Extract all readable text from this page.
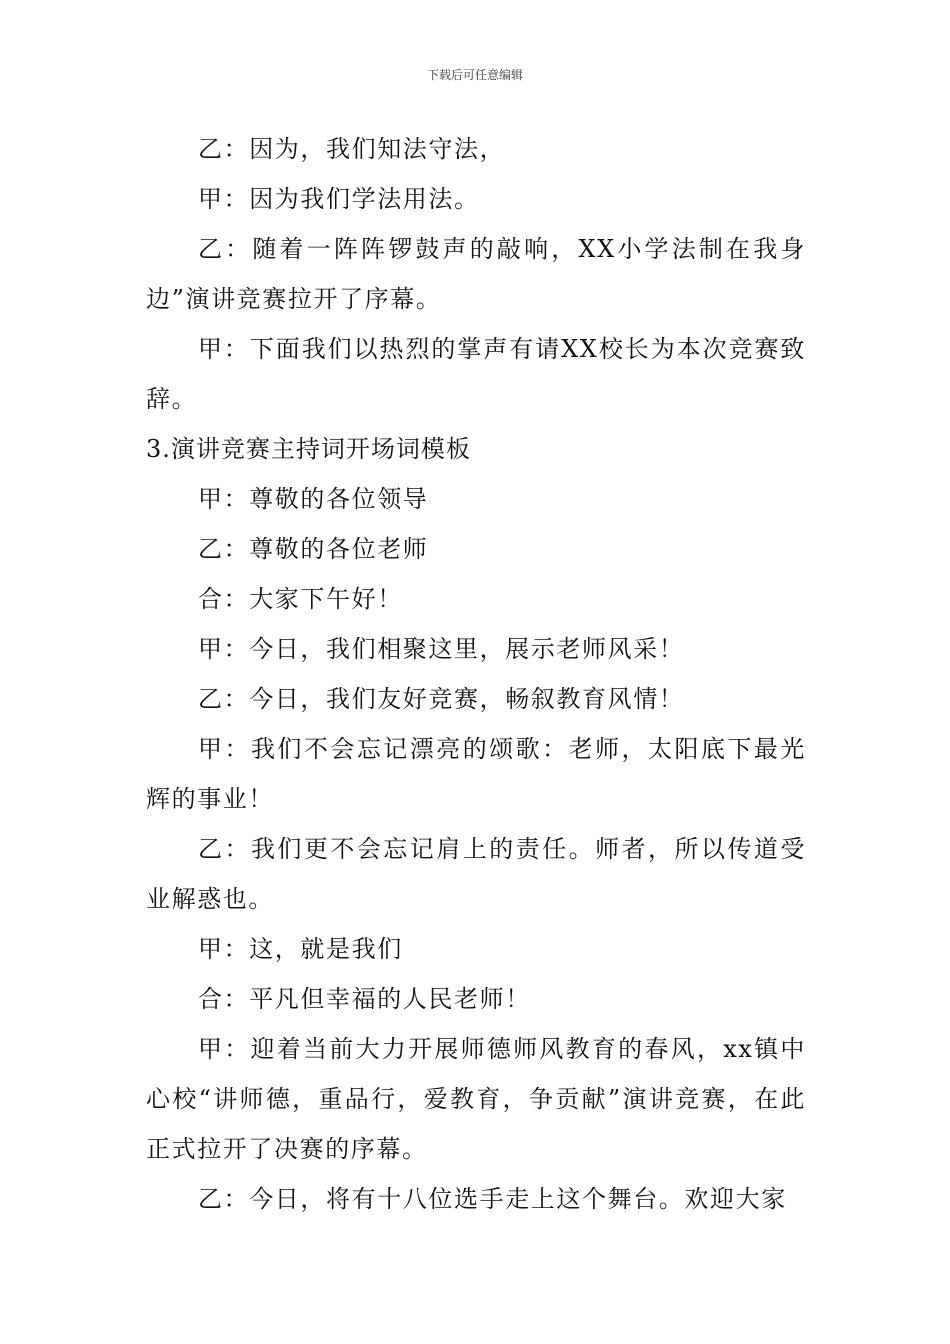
下载后可任意编辑

乙：因为，我们知法守法，

甲：因为我们学法用法。

乙：随着一阵阵锣鼓声的敲响，XX小学法制在我身边”演讲竞赛拉开了序幕。

甲：下面我们以热烈的掌声有请XX校长为本次竞赛致辞。

3.演讲竞赛主持词开场词模板

甲：尊敬的各位领导

乙：尊敬的各位老师

合：大家下午好！

甲：今日，我们相聚这里，展示老师风采！

乙：今日，我们友好竞赛，畅叙教育风情！

甲：我们不会忘记漂亮的颂歌：老师，太阳底下最光辉的事业！

乙：我们更不会忘记肩上的责任。师者，所以传道受业解惑也。

甲：这，就是我们

合：平凡但幸福的人民老师！

甲：迎着当前大力开展师德师风教育的春风，xx镇中心校“讲师德，重品行，爱教育，争贡献”演讲竞赛，在此正式拉开了决赛的序幕。

乙：今日，将有十八位选手走上这个舞台。欢迎大家
